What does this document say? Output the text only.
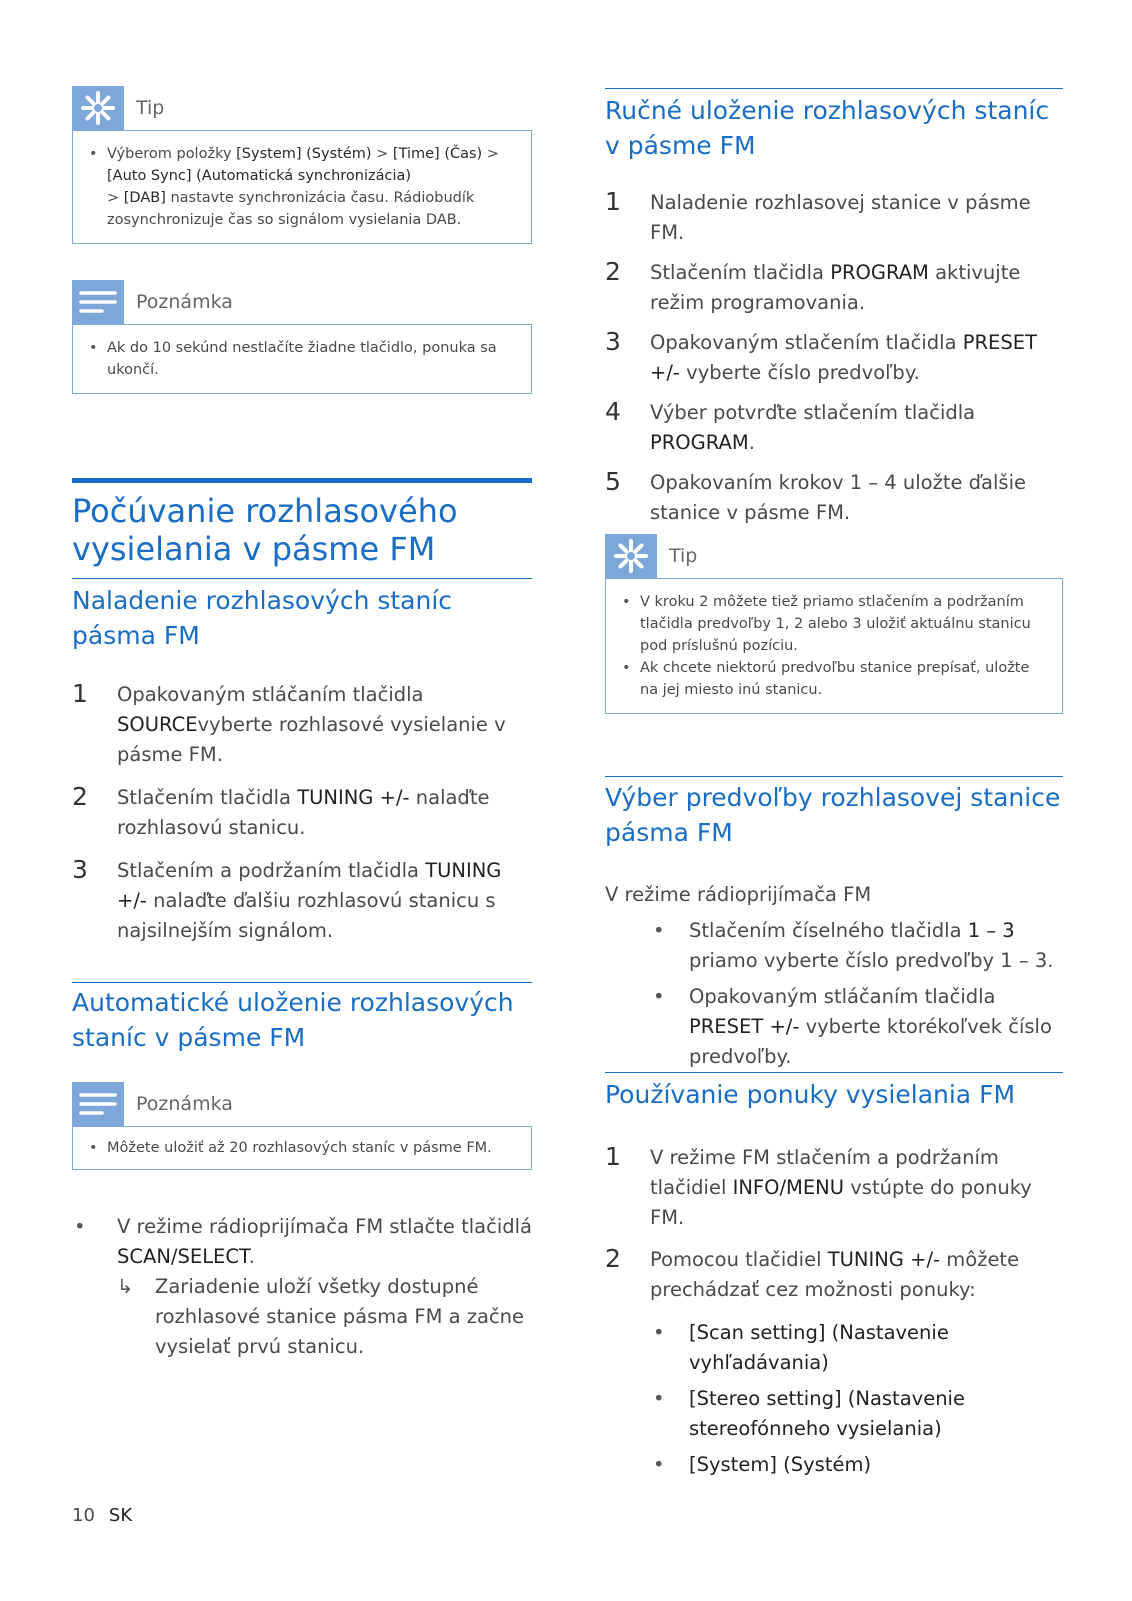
Tip
• Výberom položky [System] (Systém) > [Time] (Čas) > [Auto Sync] (Automatická synchronizácia)
> [DAB] nastavte synchronizácia času. Rádiobudík zosynchronizuje čas so signálom vysielania DAB.
Poznámka
• Ak do 10 sekúnd nestlačíte žiadne tlačidlo, ponuka sa ukončí.
Počúvanie rozhlasového vysielania v pásme FM
Naladenie rozhlasových staníc pásma FM
1 Opakovaným stláčaním tlačidla SOURCEvyberte rozhlasové vysielanie v pásme FM.
2 Stlačením tlačidla TUNING +/- nalaďte rozhlasovú stanicu.
3 Stlačením a podržaním tlačidla TUNING +/- nalaďte ďalšiu rozhlasovú stanicu s najsilnejším signálom.
Automatické uloženie rozhlasových staníc v pásme FM
Poznámka
• Môžete uložiť až 20 rozhlasových staníc v pásme FM.
• V režime rádioprijímača FM stlačte tlačidlá SCAN/SELECT.
↳ Zariadenie uloží všetky dostupné rozhlasové stanice pásma FM a začne vysielať prvú stanicu.
10 SK
Ručné uloženie rozhlasových staníc v pásme FM
1 Naladenie rozhlasovej stanice v pásme FM.
2 Stlačením tlačidla PROGRAM aktivujte režim programovania.
3 Opakovaným stlačením tlačidla PRESET +/- vyberte číslo predvoľby.
4 Výber potvrďte stlačením tlačidla PROGRAM.
5 Opakovaním krokov 1 – 4 uložte ďalšie stanice v pásme FM.
Tip
• V kroku 2 môžete tiež priamo stlačením a podržaním tlačidla predvoľby 1, 2 alebo 3 uložiť aktuálnu stanicu pod príslušnú pozíciu.
• Ak chcete niektorú predvoľbu stanice prepísať, uložte na jej miesto inú stanicu.
Výber predvoľby rozhlasovej stanice pásma FM
V režime rádioprijímača FM
• Stlačením číselného tlačidla 1 – 3 priamo vyberte číslo predvoľby 1 – 3.
• Opakovaným stláčaním tlačidla PRESET +/- vyberte ktorékoľvek číslo predvoľby.
Používanie ponuky vysielania FM
1 V režime FM stlačením a podržaním tlačidiel INFO/MENU vstúpte do ponuky FM.
2 Pomocou tlačidiel TUNING +/- môžete prechádzať cez možnosti ponuky:
• [Scan setting] (Nastavenie vyhľadávania)
• [Stereo setting] (Nastavenie stereofónneho vysielania)
• [System] (Systém)
